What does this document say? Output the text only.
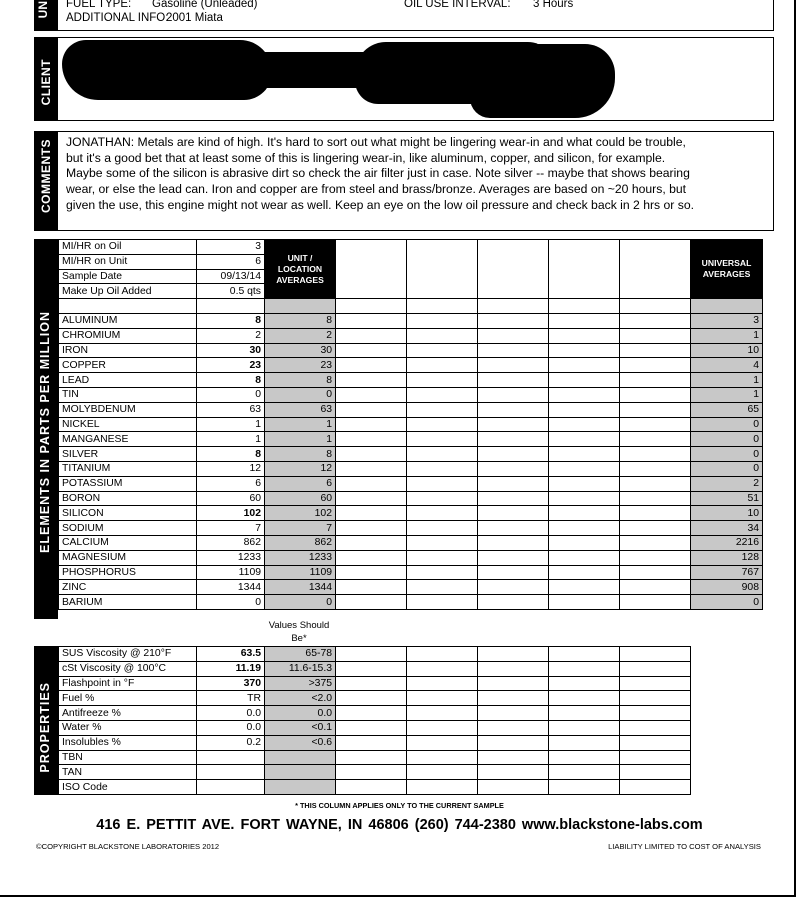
UN FUEL TYPE: Gasoline (Unleaded)
ADDITIONAL INFO:
2001 Miata
OIL USE INTERVAL: 3 Hours
CLIENT
COMMENTS JONATHAN: Metals are kind of high. It's hard to sort out what might be lingering wear-in and what could be trouble, but it's a good bet that at least some of this is lingering wear-in, like aluminum, copper, and silicon, for example. Maybe some of the silicon is abrasive dirt so check the air filter just in case. Note silver -- maybe that shows bearing wear, or else the lead can. Iron and copper are from steel and brass/bronze. Averages are based on ~20 hours, but given the use, this engine might not wear as well. Keep an eye on the low oil pressure and check back in 2 hrs or so.
ELEMENTS IN PARTS PER MILLION
MI/HR on Oil	3	UNIT / LOCATION AVERAGES						UNIVERSAL AVERAGES
MI/HR on Unit	6							
Sample Date	09/13/14							
Make Up Oil Added	0.5 qts							

ALUMINUM	8	8						3
CHROMIUM	2	2						1
IRON	30	30						10
COPPER	23	23						4
LEAD	8	8						1
TIN	0	0						1
MOLYBDENUM	63	63						65
NICKEL	1	1						0
MANGANESE	1	1						0
SILVER	8	8						0
TITANIUM	12	12						0
POTASSIUM	6	6						2
BORON	60	60						51
SILICON	102	102						10
SODIUM	7	7						34
CALCIUM	862	862						2216
MAGNESIUM	1233	1233						128
PHOSPHORUS	1109	1109						767
ZINC	1344	1344						908
BARIUM	0	0						0
Values Should Be*
PROPERTIES
SUS Viscosity @ 210°F	63.5	65-78					
cSt Viscosity @ 100°C	11.19	11.6-15.3					
Flashpoint in °F	370	>375					
Fuel %	TR	<2.0					
Antifreeze %	0.0	0.0					
Water %	0.0	<0.1					
Insolubles %	0.2	<0.6					
TBN							
TAN							
ISO Code							
* THIS COLUMN APPLIES ONLY TO THE CURRENT SAMPLE
416 E. PETTIT AVE. FORT WAYNE, IN 46806 (260) 744-2380 www.blackstone-labs.com
©COPYRIGHT BLACKSTONE LABORATORIES 2012	LIABILITY LIMITED TO COST OF ANALYSIS
